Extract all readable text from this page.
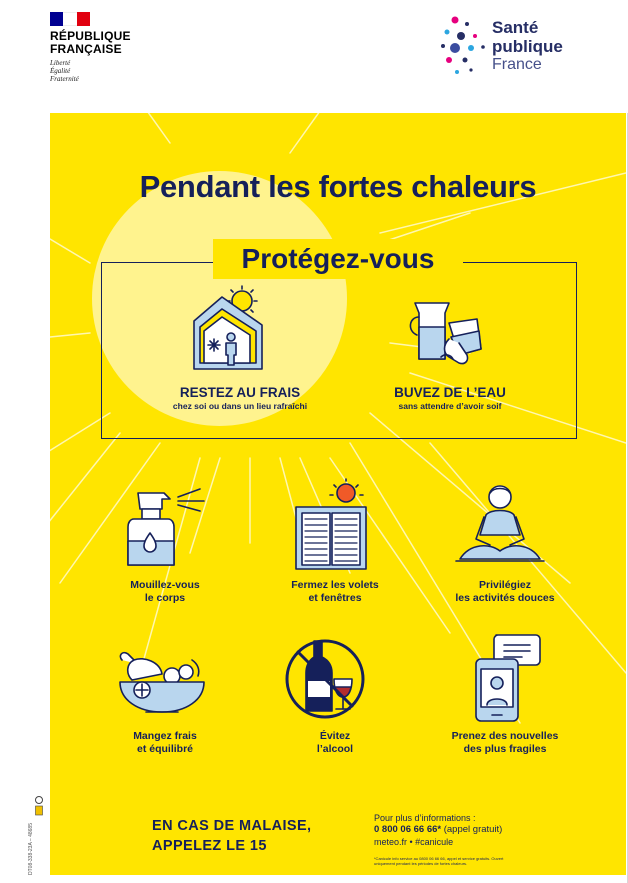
RÉPUBLIQUE
FRANÇAISE
Liberté
Égalité
Fraternité
Santé
publique
France
Pendant les fortes chaleurs
Protégez-vous
RESTEZ AU FRAIS
chez soi ou dans un lieu rafraîchi
BUVEZ DE L’EAU
sans attendre d’avoir soif
Mouillez-vous
le corps
Fermez les volets
et fenêtres
Privilégiez
les activités douces
Mangez frais
et équilibré
Évitez
l’alcool
Prenez des nouvelles
des plus fragiles
EN CAS DE MALAISE,
APPELEZ LE 15
Pour plus d’informations :
0 800 06 66 66* (appel gratuit)
meteo.fr • #canicule
*Canicule info service au 0800 06 66 66, appel et service gratuits. Ouvert uniquement pendant les périodes de fortes chaleurs.
DT08-338-23A – 48685
